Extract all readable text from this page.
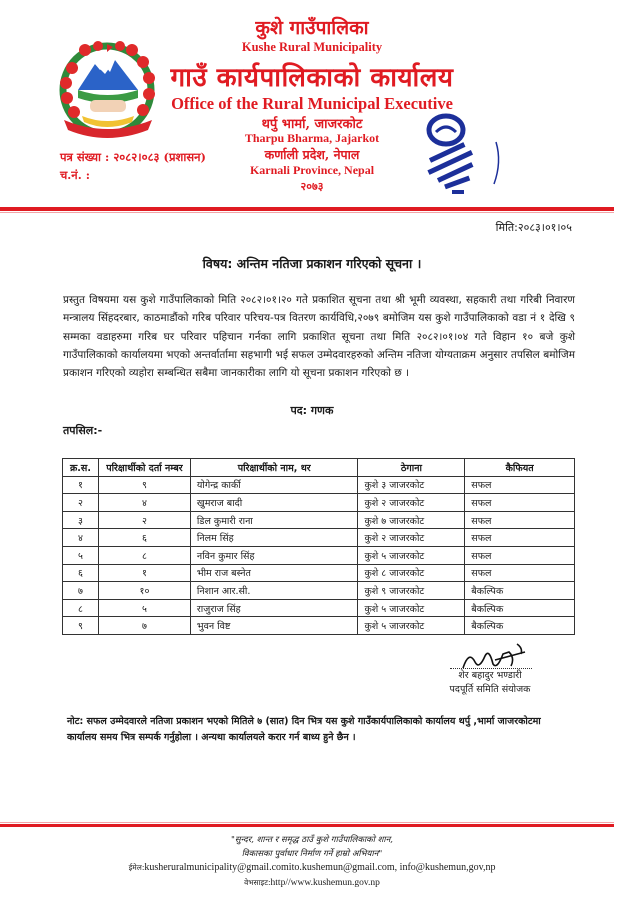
कुशे गाउँपालिका
Kushe Rural Municipality
गाउँ कार्यपालिकाको कार्यालय
Office of the Rural Municipal Executive
थर्पु भार्मा, जाजरकोट
Tharpu Bharma, Jajarkot
कर्णाली प्रदेश, नेपाल
Karnali Province, Nepal
२०७३
पत्र संख्या : २०८२।०८३ (प्रशासन)
च.नं. :
मिति:२०८३।०१।०५
विषय: अन्तिम नतिजा प्रकाशन गरिएको सूचना ।

प्रस्तुत विषयमा यस कुशे गाउँपालिकाको मिति २०८२।०१।२० गते प्रकाशित सूचना तथा श्री भूमी व्यवस्था, सहकारी तथा गरिबी निवारण मन्त्रालय सिंहदरबार, काठमाडौंको गरिब परिवार परिचय-पत्र वितरण कार्यविधि,२०७९ बमोजिम यस कुशे गाउँपालिकाको वडा नं १ देखि ९ सम्मका वडाहरुमा गरिब घर परिवार पहिचान गर्नका लागि प्रकाशित सूचना तथा मिति २०८२।०१।०४ गते विहान १० बजे कुशे गाउँपालिकाको कार्यालयमा भएको अन्तर्वार्तामा सहभागी भई सफल उम्मेदवारहरुको अन्तिम नतिजा योग्यताक्रम अनुसार तपसिल बमोजिम प्रकाशन गरिएको व्यहोरा सम्बन्धित सबैमा जानकारीका लागि यो सूचना प्रकाशन गरिएको छ ।

पद: गणक
तपसिल:-
क्र.स.	परिक्षार्थीको दर्ता नम्बर	परिक्षार्थीको नाम, थर	ठेगाना	कैफियत
१	९	योगेन्द्र कार्की	कुशे ३ जाजरकोट	सफल
२	४	खुमराज बादी	कुशे २ जाजरकोट	सफल
३	२	डिल कुमारी राना	कुशे ७ जाजरकोट	सफल
४	६	निलम सिंह	कुशे २ जाजरकोट	सफल
५	८	नविन कुमार सिंह	कुशे ५ जाजरकोट	सफल
६	१	भीम राज बस्नेत	कुशे ८ जाजरकोट	सफल
७	१०	निशान आर.सी.	कुशे ९ जाजरकोट	बैकल्पिक
८	५	राजुराज सिंह	कुशे ५ जाजरकोट	बैकल्पिक
९	७	भुवन विष्ट	कुशे ५ जाजरकोट	बैकल्पिक
शेर बहादुर भण्डारी
पदपूर्ति समिति संयोजक

नोट: सफल उम्मेदवारले नतिजा प्रकाशन भएको मितिले ७ (सात) दिन भित्र यस कुशे गाउँकार्यपालिकाको कार्यालय थर्पु ,भार्मा जाजरकोटमा कार्यालय समय भित्र सम्पर्क गर्नुहोला । अन्यथा कार्यालयले करार गर्न बाध्य हुने छैन ।

"सुन्दर, शान्त र समृद्ध ठाउँ कुशे गाउँपालिकाको शान,
विकासका पुर्वाधार निर्माण गर्ने हाम्रो अभियान"
ईमेल:kusheruralmunicipality@gmail.comito.kushemun@gmail.com, info@kushemun,gov,np
वेभसाइट:http//www.kushemun.gov.np
